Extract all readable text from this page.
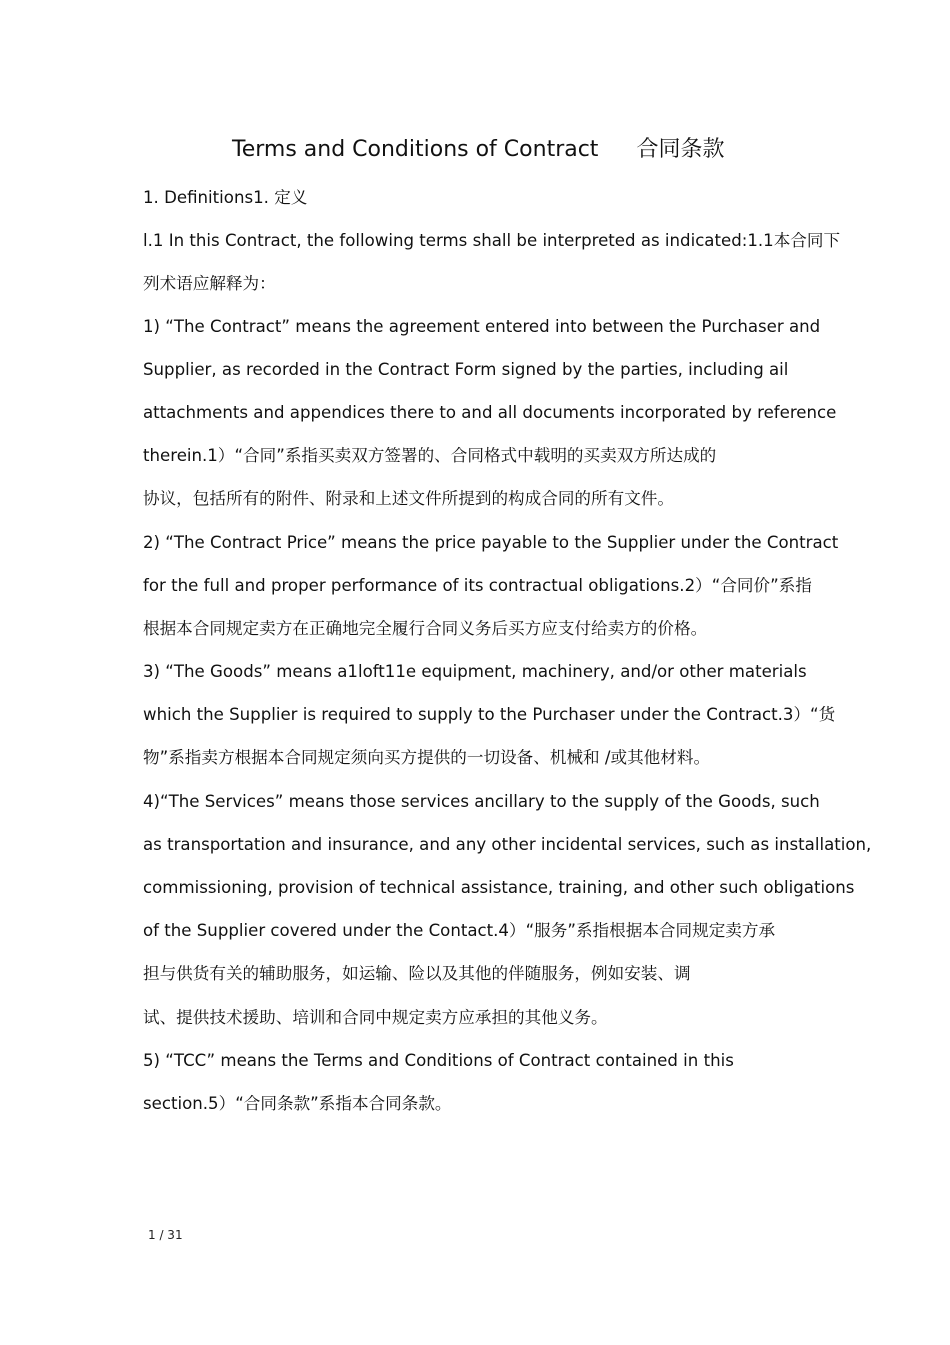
Terms and Conditions of Contract 合同条款
1. Definitions1. 定义
l.1 In this Contract, the following terms shall be interpreted as indicated:1.1本合同下
列术语应解释为：
1) “The Contract” means the agreement entered into between the Purchaser and
Supplier, as recorded in the Contract Form signed by the parties, including ail
attachments and appendices there to and all documents incorporated by reference
therein.1）“合同”系指买卖双方签署的、合同格式中载明的买卖双方所达成的
协议，包括所有的附件、附录和上述文件所提到的构成合同的所有文件。
2) “The Contract Price” means the price payable to the Supplier under the Contract
for the full and proper performance of its contractual obligations.2）“合同价”系指
根据本合同规定卖方在正确地完全履行合同义务后买方应支付给卖方的价格。
3) “The Goods” means a1loft11e equipment, machinery, and/or other materials
which the Supplier is required to supply to the Purchaser under the Contract.3）“货
物”系指卖方根据本合同规定须向买方提供的一切设备、机械和 /或其他材料。
4)“The Services” means those services ancillary to the supply of the Goods, such
as transportation and insurance, and any other incidental services, such as installation,
commissioning, provision of technical assistance, training, and other such obligations
of the Supplier covered under the Contact.4）“服务”系指根据本合同规定卖方承
担与供货有关的辅助服务，如运输、险以及其他的伴随服务，例如安装、调
试、提供技术援助、培训和合同中规定卖方应承担的其他义务。
5) “TCC” means the Terms and Conditions of Contract contained in this
section.5）“合同条款”系指本合同条款。
1 / 31
